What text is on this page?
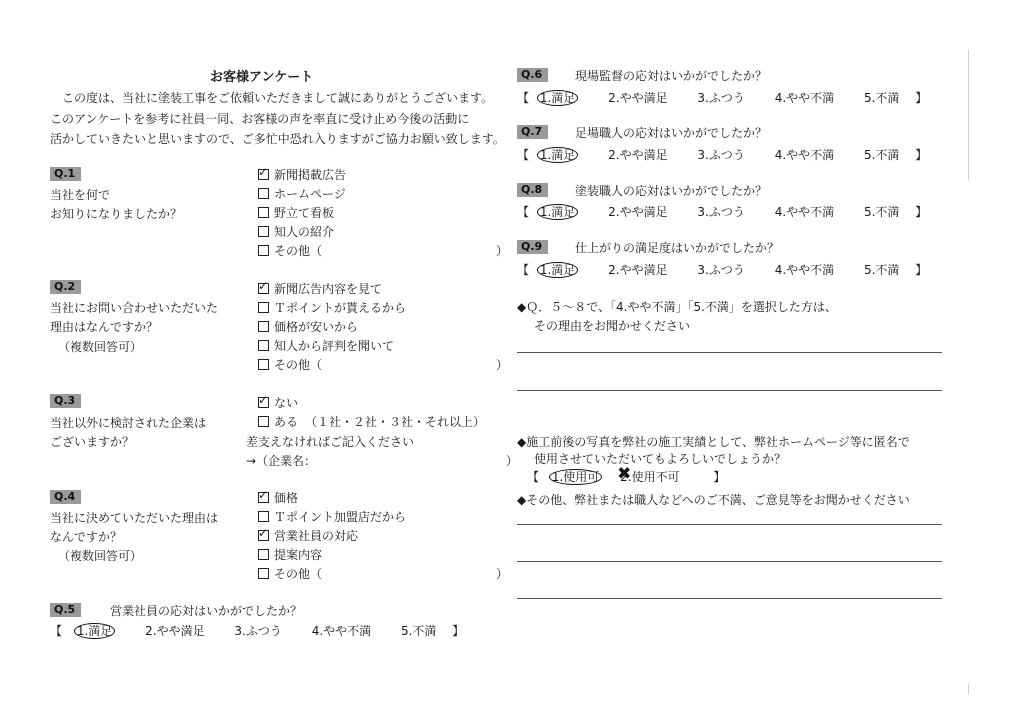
お客様アンケート
この度は、当社に塗装工事をご依頼いただきまして誠にありがとうございます。
このアンケートを参考に社員一同、お客様の声を率直に受け止め今後の活動に
活かしていきたいと思いますので、ご多忙中恐れ入りますがご協力お願い致します。
Q.1
当社を何で
お知りになりましたか？
✓新聞掲載広告
ホームページ
野立て看板
知人の紹介
その他（	）
Q.2
当社にお問い合わせいただいた
理由はなんですか？
（複数回答可）
✓新聞広告内容を見て
Ｔポイントが貰えるから
価格が安いから
知人から評判を聞いて
その他（	）
Q.3
当社以外に検討された企業は
ございますか？
✓ない
ある （１社・２社・３社・それ以上）
差支えなければご記入ください
→（企業名：	）
Q.4
当社に決めていただいた理由は
なんですか？
（複数回答可）
✓価格
Ｔポイント加盟店だから
✓営業社員の対応
提案内容
その他（	）
Q.5	営業社員の応対はいかがでしたか？
【 1.満足	2.やや満足 3.ふつう 4.やや不満 5.不満 】
Q.6	現場監督の応対はいかがでしたか？
【 1.満足	2.やや満足 3.ふつう 4.やや不満 5.不満 】
Q.7	足場職人の応対はいかがでしたか？
【 1.満足	2.やや満足 3.ふつう 4.やや不満 5.不満 】
Q.8	塗装職人の応対はいかがでしたか？
【 1.満足	2.やや満足 3.ふつう 4.やや不満 5.不満 】
Q.9	仕上がりの満足度はいかがでしたか？
【 1.満足	2.やや満足 3.ふつう 4.やや不満 5.不満 】
◆Ｑ．５～８で、「4.やや不満」「5.不満」を選択した方は、
その理由をお聞かせください
◆施工前後の写真を弊社の施工実績として、弊社ホームページ等に匿名で
使用させていただいてもよろしいでしょうか？
【 1.使用可 2.使用不可 ✖	】
◆その他、弊社または職人などへのご不満、ご意見等をお聞かせください
